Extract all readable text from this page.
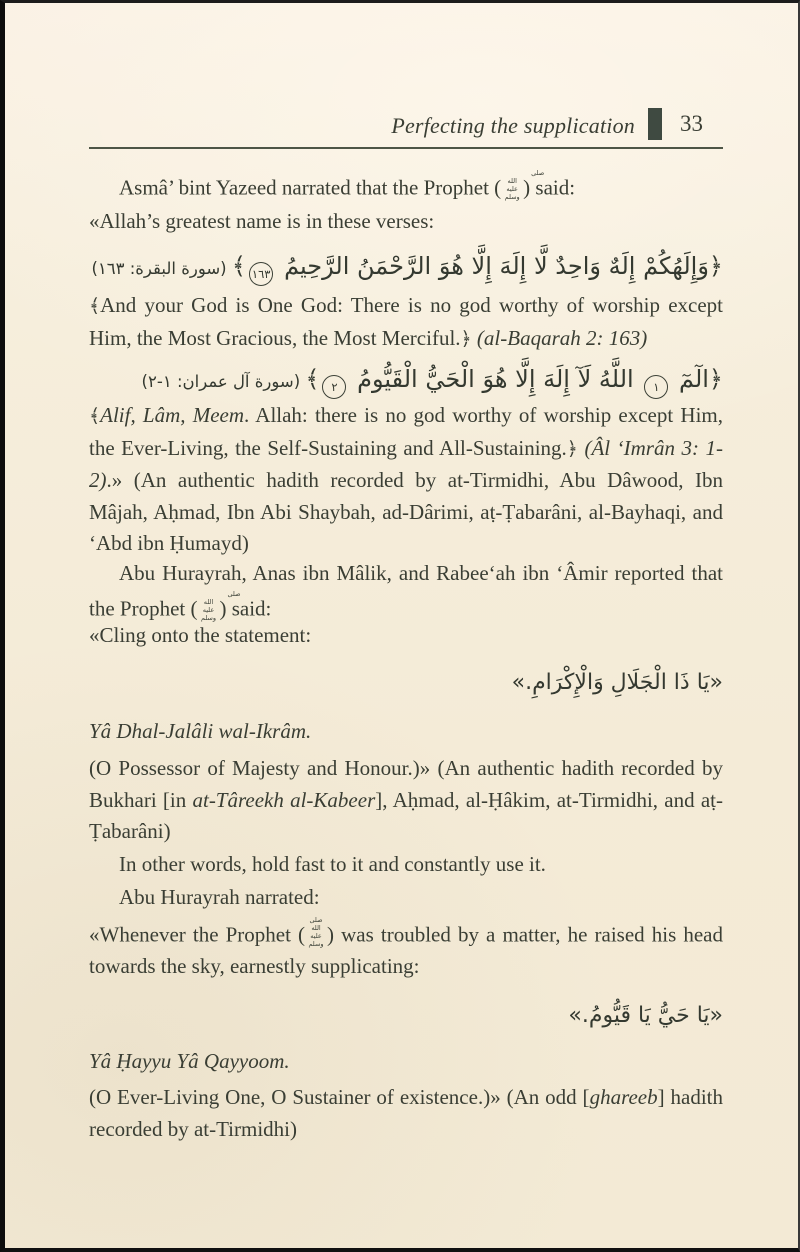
Perfecting the supplication 33
Asmâ’ bint Yazeed narrated that the Prophet (صلى الله عليه وسلم ) said:
«Allah’s greatest name is in these verses:
﴿وَإِلَهُكُمْ إِلَهٌ وَاحِدٌ لَّا إِلَهَ إِلَّا هُوَ الرَّحْمَنُ الرَّحِيمُ ١٦٣﴾ (سورة البقرة: ١٦٣)
﴾And your God is One God: There is no god worthy of worship except Him, the Most Gracious, the Most Merciful.﴿ (al-Baqarah 2: 163)
﴿الٓمٓ ١ اللَّهُ لَآ إِلَهَ إِلَّا هُوَ الْحَيُّ الْقَيُّومُ ٢﴾ (سورة آل عمران: ١-٢)
﴾Alif, Lâm, Meem. Allah: there is no god worthy of worship except Him, the Ever-Living, the Self-Sustaining and All-Sustaining.﴿ (Âl ‘Imrân 3: 1-2).» (An authentic hadith recorded by at-Tirmidhi, Abu Dâwood, Ibn Mâjah, Aḥmad, Ibn Abi Shaybah, ad-Dârimi, aṭ-Ṭabarâni, al-Bayhaqi, and ‘Abd ibn Ḥumayd)
Abu Hurayrah, Anas ibn Mâlik, and Rabee‘ah ibn ‘Âmir reported that the Prophet (صلى الله عليه وسلم ) said:
«Cling onto the statement:
«يَا ذَا الْجَلَالِ وَالْإِكْرَامِ.»
Yâ Dhal-Jalâli wal-Ikrâm.
(O Possessor of Majesty and Honour.)» (An authentic hadith recorded by Bukhari [in at-Târeekh al-Kabeer], Aḥmad, al-Ḥâkim, at-Tirmidhi, and aṭ-Ṭabarâni)
In other words, hold fast to it and constantly use it.
Abu Hurayrah narrated:
«Whenever the Prophet (صلى الله عليه وسلم ) was troubled by a matter, he raised his head towards the sky, earnestly supplicating:
«يَا حَيُّ يَا قَيُّومُ.»
Yâ Ḥayyu Yâ Qayyoom.
(O Ever-Living One, O Sustainer of existence.)» (An odd [ghareeb] hadith recorded by at-Tirmidhi)
